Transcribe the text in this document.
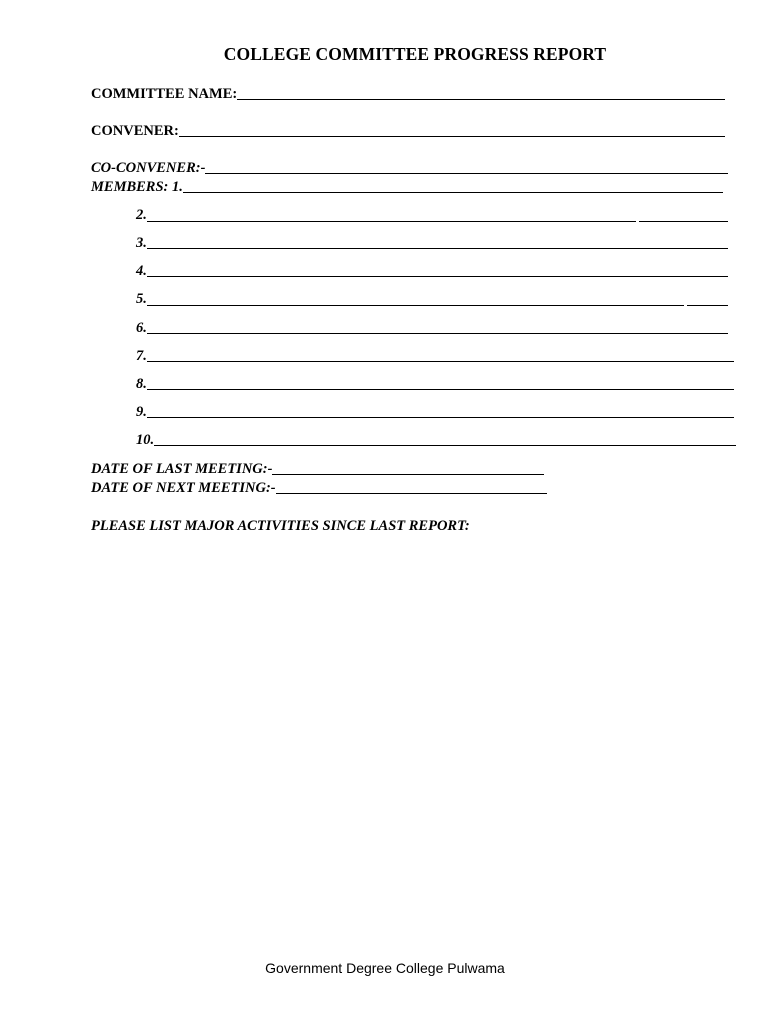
COLLEGE COMMITTEE PROGRESS REPORT
COMMITTEE NAME:
CONVENER:
CO-CONVENER:-
MEMBERS: 1.
2.
3.
4.
5.
6.
7.
8.
9.
10.
DATE OF LAST MEETING:-
DATE OF NEXT MEETING:-
PLEASE LIST MAJOR ACTIVITIES SINCE LAST REPORT:
Government Degree College Pulwama
